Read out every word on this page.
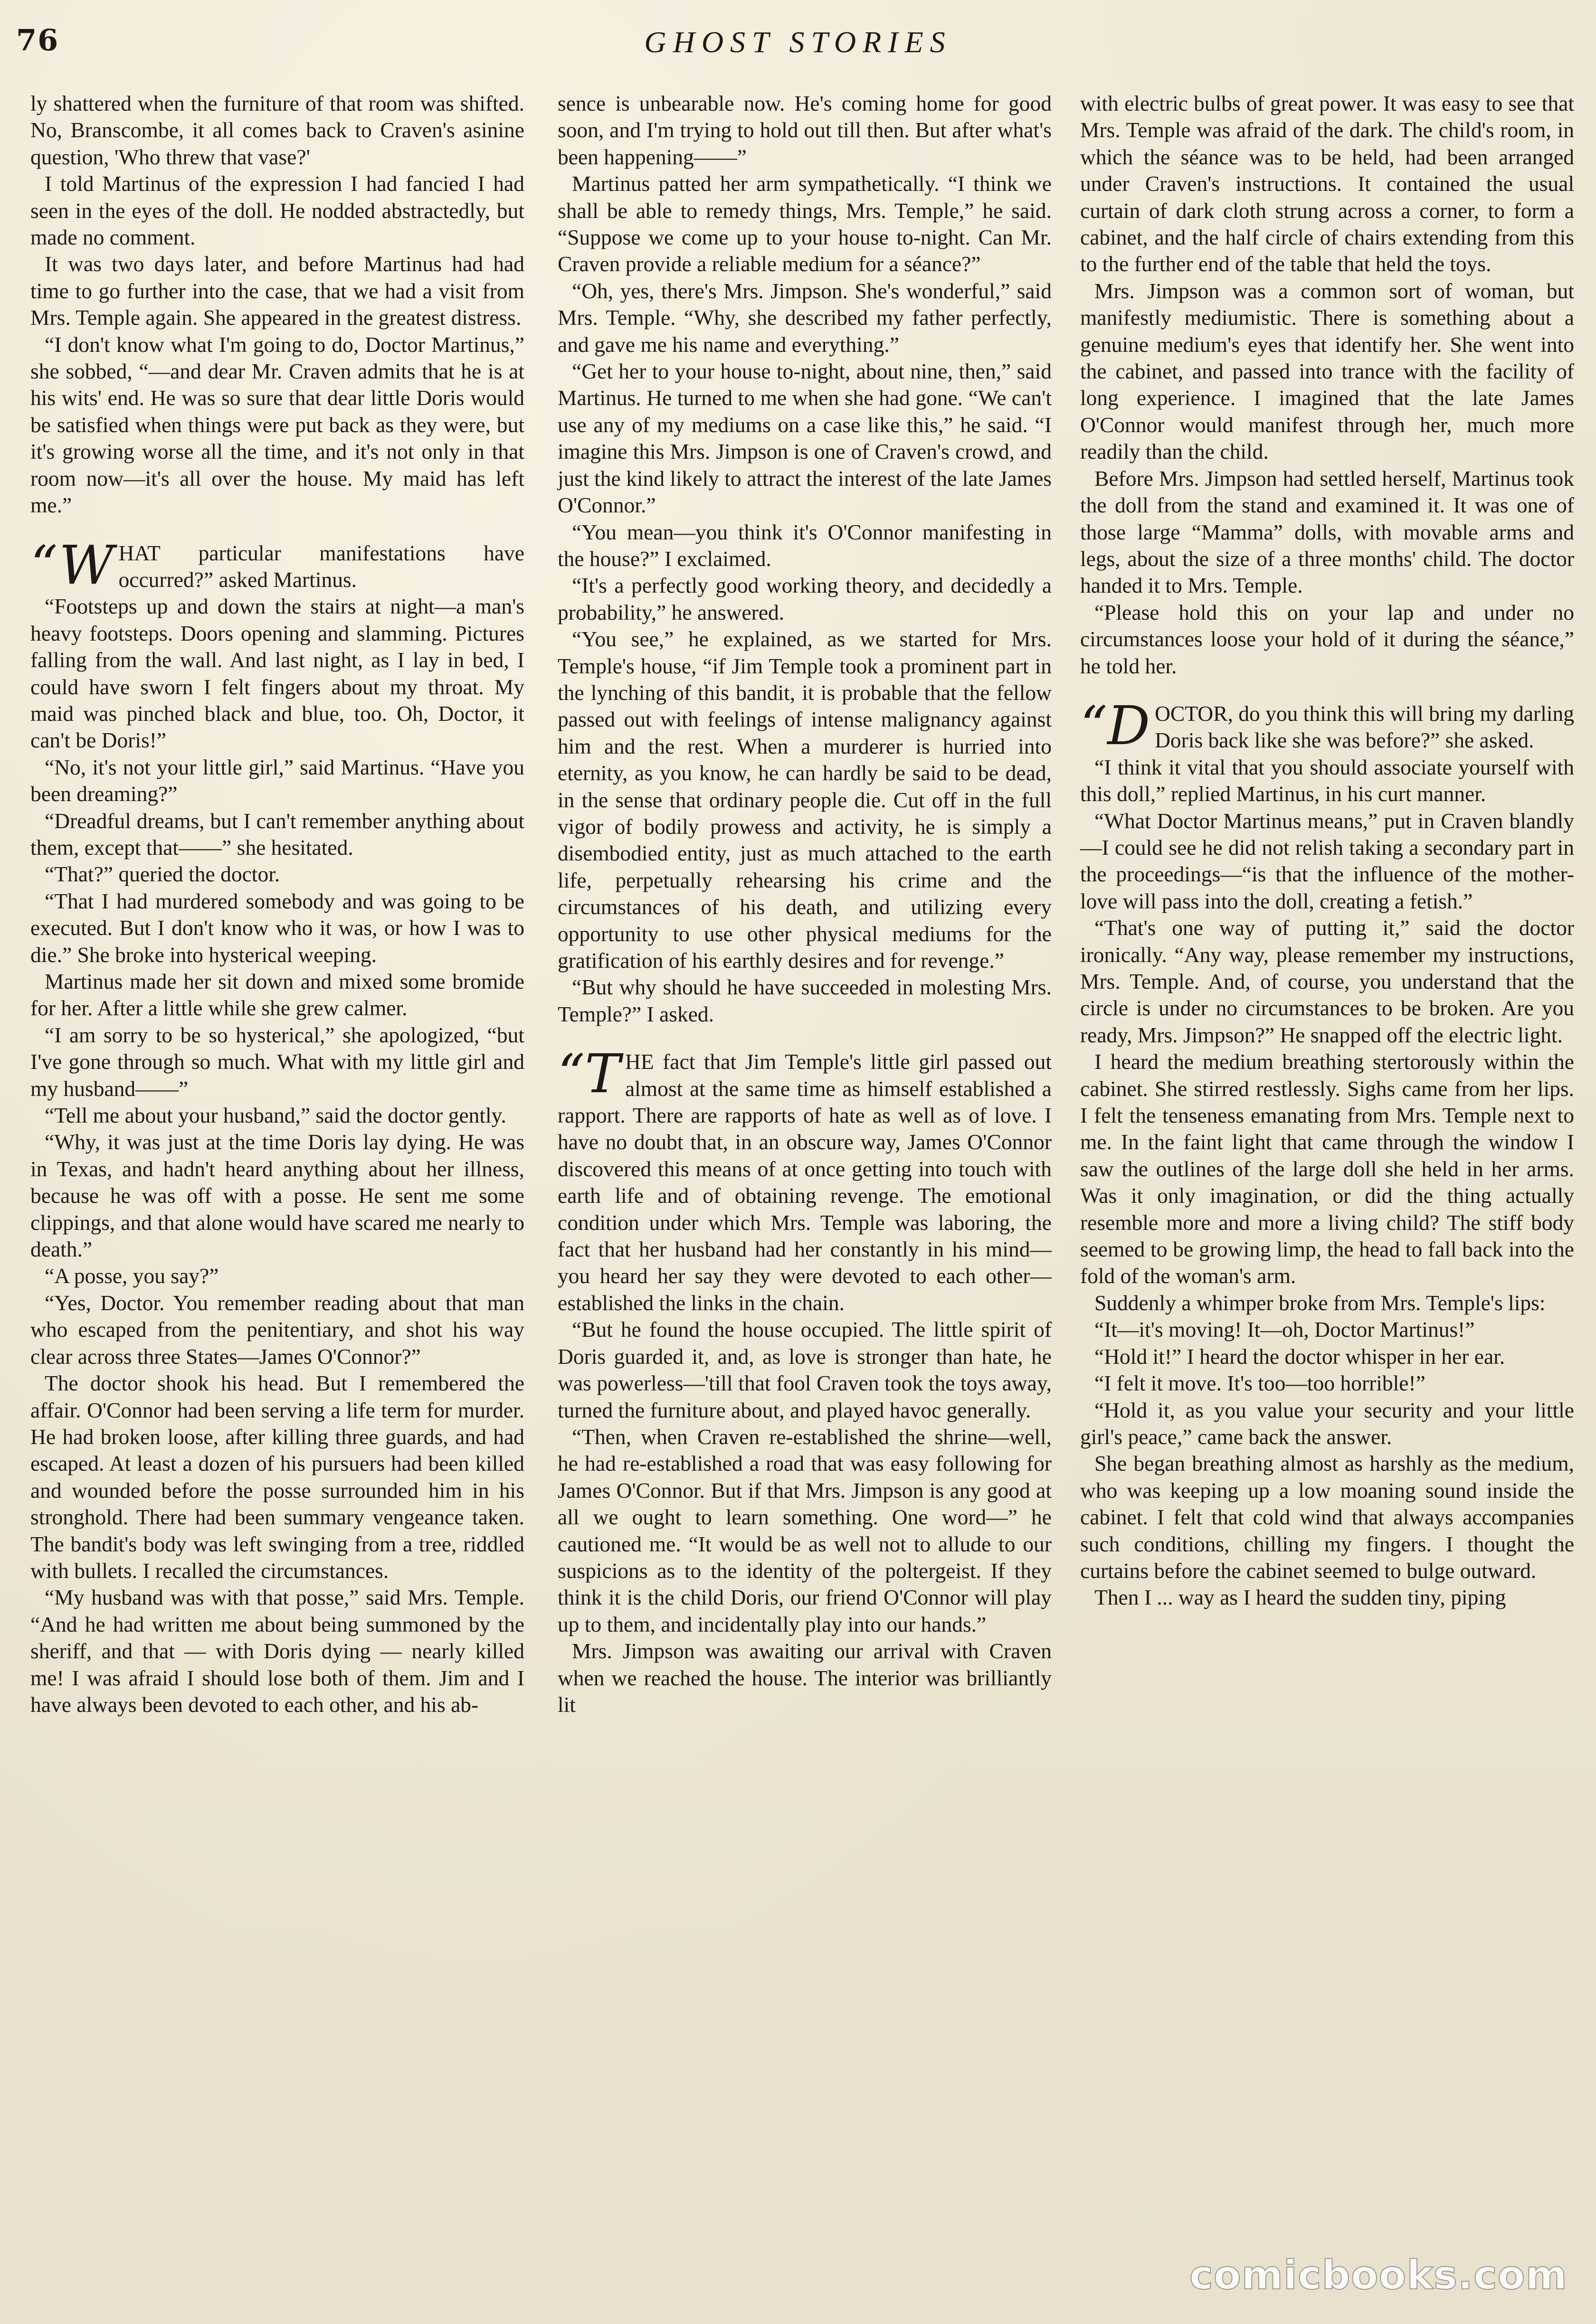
76	GHOST STORIES

ly shattered when the furniture of that room was shifted. No, Branscombe, it all comes back to Craven's asinine question, 'Who threw that vase?'

I told Martinus of the expression I had fancied I had seen in the eyes of the doll. He nodded abstractedly, but made no comment.

It was two days later, and before Martinus had had time to go further into the case, that we had a visit from Mrs. Temple again. She appeared in the greatest distress.

“I don't know what I'm going to do, Doctor Martinus,” she sobbed, “—and dear Mr. Craven admits that he is at his wits' end. He was so sure that dear little Doris would be satisfied when things were put back as they were, but it's growing worse all the time, and it's not only in that room now—it's all over the house. My maid has left me.”

“WHAT particular manifestations have occurred?” asked Martinus.

“Footsteps up and down the stairs at night—a man's heavy footsteps. Doors opening and slamming. Pictures falling from the wall. And last night, as I lay in bed, I could have sworn I felt fingers about my throat. My maid was pinched black and blue, too. Oh, Doctor, it can't be Doris!”

“No, it's not your little girl,” said Martinus. “Have you been dreaming?”

“Dreadful dreams, but I can't remember anything about them, except that——” she hesitated.

“That?” queried the doctor.

“That I had murdered somebody and was going to be executed. But I don't know who it was, or how I was to die.” She broke into hysterical weeping.

Martinus made her sit down and mixed some bromide for her. After a little while she grew calmer.

“I am sorry to be so hysterical,” she apologized, “but I've gone through so much. What with my little girl and my husband——”

“Tell me about your husband,” said the doctor gently.

“Why, it was just at the time Doris lay dying. He was in Texas, and hadn't heard anything about her illness, because he was off with a posse. He sent me some clippings, and that alone would have scared me nearly to death.”

“A posse, you say?”

“Yes, Doctor. You remember reading about that man who escaped from the penitentiary, and shot his way clear across three States—James O'Connor?”

The doctor shook his head. But I remembered the affair. O'Connor had been serving a life term for murder. He had broken loose, after killing three guards, and had escaped. At least a dozen of his pursuers had been killed and wounded before the posse surrounded him in his stronghold. There had been summary vengeance taken. The bandit's body was left swinging from a tree, riddled with bullets. I recalled the circumstances.

“My husband was with that posse,” said Mrs. Temple. “And he had written me about being summoned by the sheriff, and that — with Doris dying — nearly killed me! I was afraid I should lose both of them. Jim and I have always been devoted to each other, and his ab-

sence is unbearable now. He's coming home for good soon, and I'm trying to hold out till then. But after what's been happening——”

Martinus patted her arm sympathetically. “I think we shall be able to remedy things, Mrs. Temple,” he said. “Suppose we come up to your house to-night. Can Mr. Craven provide a reliable medium for a séance?”

“Oh, yes, there's Mrs. Jimpson. She's wonderful,” said Mrs. Temple. “Why, she described my father perfectly, and gave me his name and everything.”

“Get her to your house to-night, about nine, then,” said Martinus. He turned to me when she had gone. “We can't use any of my mediums on a case like this,” he said. “I imagine this Mrs. Jimpson is one of Craven's crowd, and just the kind likely to attract the interest of the late James O'Connor.”

“You mean—you think it's O'Connor manifesting in the house?” I exclaimed.

“It's a perfectly good working theory, and decidedly a probability,” he answered.

“You see,” he explained, as we started for Mrs. Temple's house, “if Jim Temple took a prominent part in the lynching of this bandit, it is probable that the fellow passed out with feelings of intense malignancy against him and the rest. When a murderer is hurried into eternity, as you know, he can hardly be said to be dead, in the sense that ordinary people die. Cut off in the full vigor of bodily prowess and activity, he is simply a disembodied entity, just as much attached to the earth life, perpetually rehearsing his crime and the circumstances of his death, and utilizing every opportunity to use other physical mediums for the gratification of his earthly desires and for revenge.”

“But why should he have succeeded in molesting Mrs. Temple?” I asked.

“THE fact that Jim Temple's little girl passed out almost at the same time as himself established a rapport. There are rapports of hate as well as of love. I have no doubt that, in an obscure way, James O'Connor discovered this means of at once getting into touch with earth life and of obtaining revenge. The emotional condition under which Mrs. Temple was laboring, the fact that her husband had her constantly in his mind—you heard her say they were devoted to each other—established the links in the chain.

“But he found the house occupied. The little spirit of Doris guarded it, and, as love is stronger than hate, he was powerless—'till that fool Craven took the toys away, turned the furniture about, and played havoc generally.

“Then, when Craven re-established the shrine—well, he had re-established a road that was easy following for James O'Connor. But if that Mrs. Jimpson is any good at all we ought to learn something. One word—” he cautioned me. “It would be as well not to allude to our suspicions as to the identity of the poltergeist. If they think it is the child Doris, our friend O'Connor will play up to them, and incidentally play into our hands.”

Mrs. Jimpson was awaiting our arrival with Craven when we reached the house. The interior was brilliantly lit

with electric bulbs of great power. It was easy to see that Mrs. Temple was afraid of the dark. The child's room, in which the séance was to be held, had been arranged under Craven's instructions. It contained the usual curtain of dark cloth strung across a corner, to form a cabinet, and the half circle of chairs extending from this to the further end of the table that held the toys.

Mrs. Jimpson was a common sort of woman, but manifestly mediumistic. There is something about a genuine medium's eyes that identify her. She went into the cabinet, and passed into trance with the facility of long experience. I imagined that the late James O'Connor would manifest through her, much more readily than the child.

Before Mrs. Jimpson had settled herself, Martinus took the doll from the stand and examined it. It was one of those large “Mamma” dolls, with movable arms and legs, about the size of a three months' child. The doctor handed it to Mrs. Temple.

“Please hold this on your lap and under no circumstances loose your hold of it during the séance,” he told her.

“DOCTOR, do you think this will bring my darling Doris back like she was before?” she asked.

“I think it vital that you should associate yourself with this doll,” replied Martinus, in his curt manner.

“What Doctor Martinus means,” put in Craven blandly—I could see he did not relish taking a secondary part in the proceedings—“is that the influence of the mother-love will pass into the doll, creating a fetish.”

“That's one way of putting it,” said the doctor ironically. “Any way, please remember my instructions, Mrs. Temple. And, of course, you understand that the circle is under no circumstances to be broken. Are you ready, Mrs. Jimpson?” He snapped off the electric light.

I heard the medium breathing stertorously within the cabinet. She stirred restlessly. Sighs came from her lips. I felt the tenseness emanating from Mrs. Temple next to me. In the faint light that came through the window I saw the outlines of the large doll she held in her arms. Was it only imagination, or did the thing actually resemble more and more a living child? The stiff body seemed to be growing limp, the head to fall back into the fold of the woman's arm.

Suddenly a whimper broke from Mrs. Temple's lips:

“It—it's moving! It—oh, Doctor Martinus!”

“Hold it!” I heard the doctor whisper in her ear.

“I felt it move. It's too—too horrible!”

“Hold it, as you value your security and your little girl's peace,” came back the answer.

She began breathing almost as harshly as the medium, who was keeping up a low moaning sound inside the cabinet. I felt that cold wind that always accompanies such conditions, chilling my fingers. I thought the curtains before the cabinet seemed to bulge outward.

Then I ... way as I heard the sudden tiny, piping

comicbooks.com
